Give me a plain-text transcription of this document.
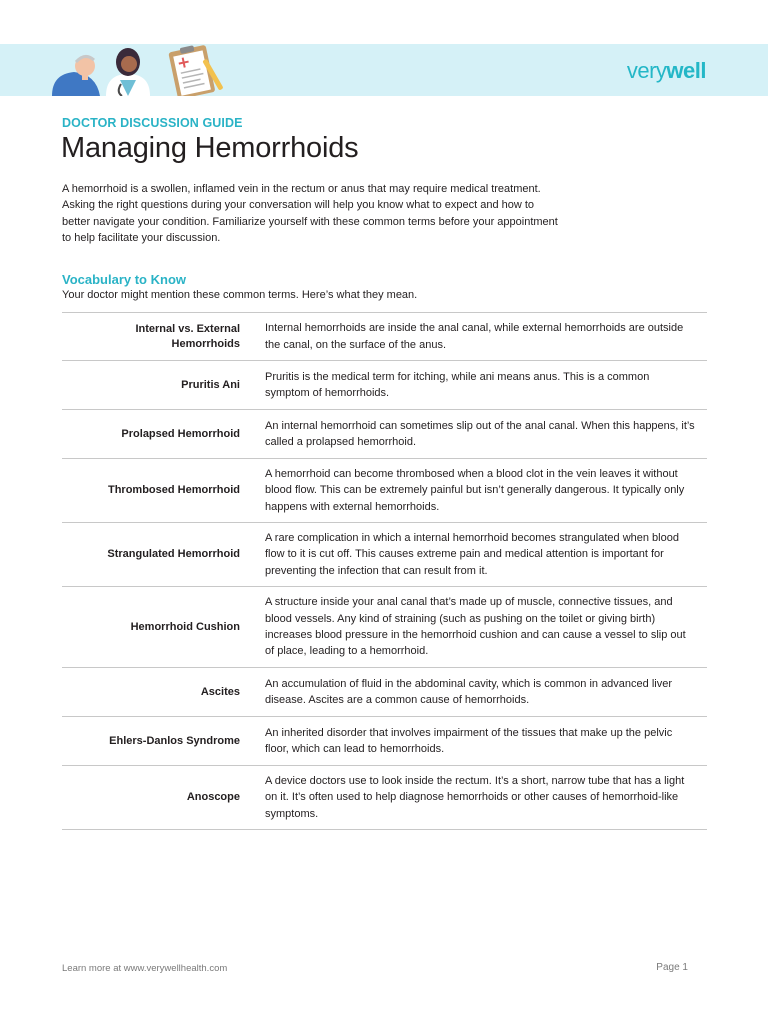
verywell
DOCTOR DISCUSSION GUIDE
Managing Hemorrhoids

A hemorrhoid is a swollen, inflamed vein in the rectum or anus that may require medical treatment. Asking the right questions during your conversation will help you know what to expect and how to better navigate your condition. Familiarize yourself with these common terms before your appointment to help facilitate your discussion.

Vocabulary to Know

Your doctor might mention these common terms. Here’s what they mean.

Internal vs. External Hemorrhoids
Internal hemorrhoids are inside the anal canal, while external hemorrhoids are outside the canal, on the surface of the anus.
Pruritis Ani
Pruritis is the medical term for itching, while ani means anus. This is a common symptom of hemorrhoids.
Prolapsed Hemorrhoid
An internal hemorrhoid can sometimes slip out of the anal canal. When this happens, it’s called a prolapsed hemorrhoid.
Thrombosed Hemorrhoid
A hemorrhoid can become thrombosed when a blood clot in the vein leaves it without blood flow. This can be extremely painful but isn’t generally dangerous. It typically only happens with external hemorrhoids.
Strangulated Hemorrhoid
A rare complication in which a internal hemorrhoid becomes strangulated when blood flow to it is cut off. This causes extreme pain and medical attention is important for preventing the infection that can result from it.
Hemorrhoid Cushion
A structure inside your anal canal that’s made up of muscle, connective tissues, and blood vessels. Any kind of straining (such as pushing on the toilet or giving birth) increases blood pressure in the hemorrhoid cushion and can cause a vessel to slip out of place, leading to a hemorrhoid.
Ascites
An accumulation of fluid in the abdominal cavity, which is common in advanced liver disease. Ascites are a common cause of hemorrhoids.
Ehlers-Danlos Syndrome
An inherited disorder that involves impairment of the tissues that make up the pelvic floor, which can lead to hemorrhoids.
Anoscope
A device doctors use to look inside the rectum. It’s a short, narrow tube that has a light on it. It’s often used to help diagnose hemorrhoids or other causes of hemorrhoid-like symptoms.
Learn more at www.verywellhealth.com	Page 1
